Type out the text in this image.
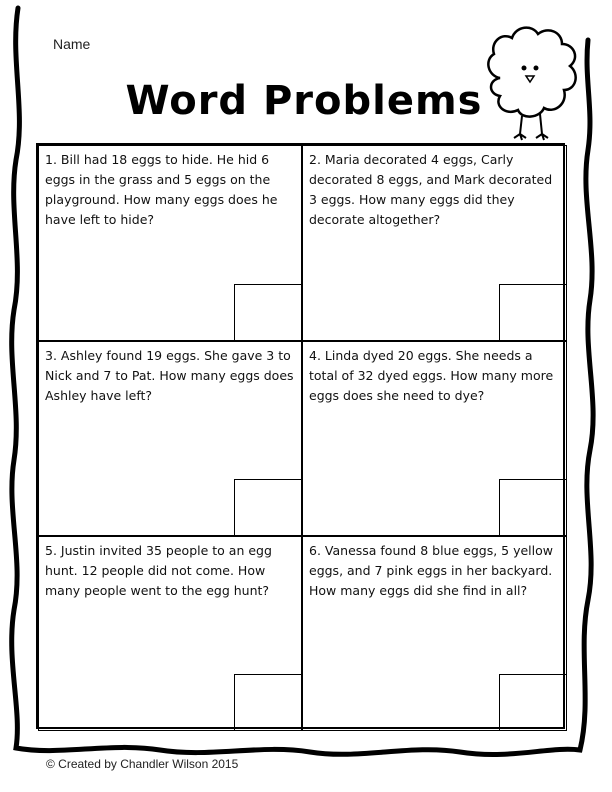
Name
Word Problems
1. Bill had 18 eggs to hide. He hid 6 eggs in the grass and 5 eggs on the playground. How many eggs does he have left to hide?
2. Maria decorated 4 eggs, Carly decorated 8 eggs, and Mark decorated 3 eggs. How many eggs did they decorate altogether?
3. Ashley found 19 eggs. She gave 3 to Nick and 7 to Pat. How many eggs does Ashley have left?
4. Linda dyed 20 eggs. She needs a total of 32 dyed eggs. How many more eggs does she need to dye?
5. Justin invited 35 people to an egg hunt. 12 people did not come. How many people went to the egg hunt?
6. Vanessa found 8 blue eggs, 5 yellow eggs, and 7 pink eggs in her backyard. How many eggs did she find in all?
© Created by Chandler Wilson 2015
